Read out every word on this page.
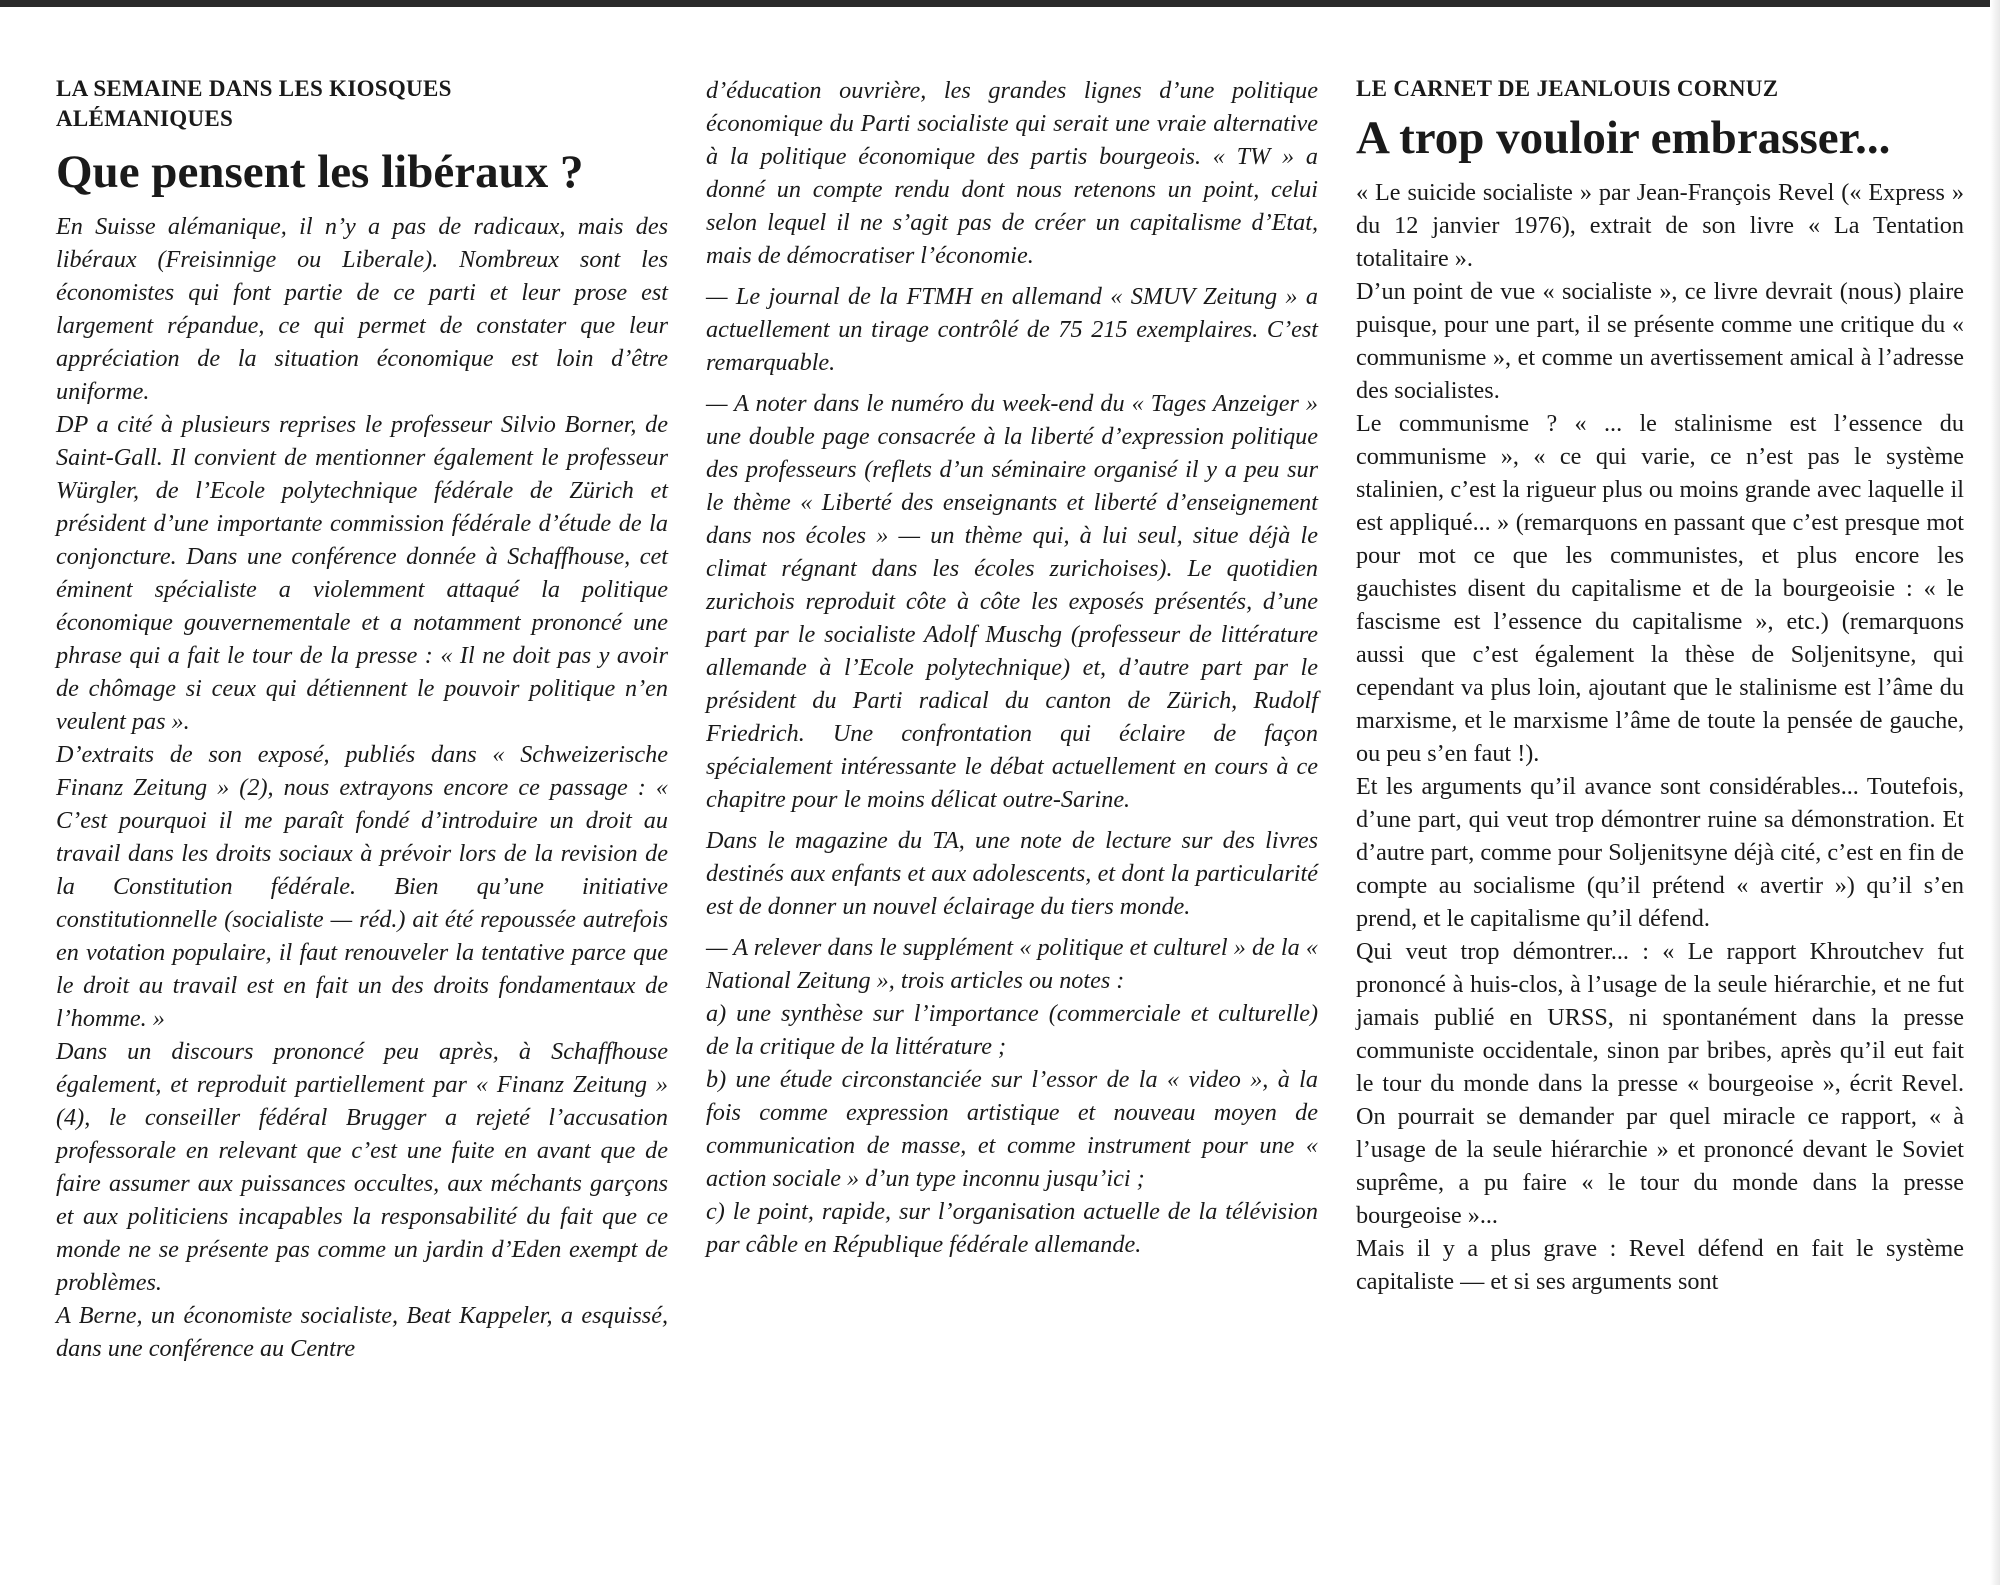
LA SEMAINE DANS LES KIOSQUES
ALÉMANIQUES

Que pensent les libéraux ?

En Suisse alémanique, il n’y a pas de radicaux, mais des libéraux (Freisinnige ou Liberale). Nombreux sont les économistes qui font partie de ce parti et leur prose est largement répandue, ce qui permet de constater que leur appréciation de la situation économique est loin d’être uniforme.

DP a cité à plusieurs reprises le professeur Silvio Borner, de Saint-Gall. Il convient de mentionner également le professeur Würgler, de l’Ecole polytechnique fédérale de Zürich et président d’une importante commission fédérale d’étude de la conjoncture. Dans une conférence donnée à Schaffhouse, cet éminent spécialiste a violemment attaqué la politique économique gouvernementale et a notamment prononcé une phrase qui a fait le tour de la presse : « Il ne doit pas y avoir de chômage si ceux qui détiennent le pouvoir politique n’en veulent pas ».

D’extraits de son exposé, publiés dans « Schweizerische Finanz Zeitung » (2), nous extrayons encore ce passage : « C’est pourquoi il me paraît fondé d’introduire un droit au travail dans les droits sociaux à prévoir lors de la revision de la Constitution fédérale. Bien qu’une initiative constitutionnelle (socialiste — réd.) ait été repoussée autrefois en votation populaire, il faut renouveler la tentative parce que le droit au travail est en fait un des droits fondamentaux de l’homme. »

Dans un discours prononcé peu après, à Schaffhouse également, et reproduit partiellement par « Finanz Zeitung » (4), le conseiller fédéral Brugger a rejeté l’accusation professorale en relevant que c’est une fuite en avant que de faire assumer aux puissances occultes, aux méchants garçons et aux politiciens incapables la responsabilité du fait que ce monde ne se présente pas comme un jardin d’Eden exempt de problèmes.

A Berne, un économiste socialiste, Beat Kappeler, a esquissé, dans une conférence au Centre

d’éducation ouvrière, les grandes lignes d’une politique économique du Parti socialiste qui serait une vraie alternative à la politique économique des partis bourgeois. « TW » a donné un compte rendu dont nous retenons un point, celui selon lequel il ne s’agit pas de créer un capitalisme d’Etat, mais de démocratiser l’économie.

— Le journal de la FTMH en allemand « SMUV Zeitung » a actuellement un tirage contrôlé de 75 215 exemplaires. C’est remarquable.

— A noter dans le numéro du week-end du « Tages Anzeiger » une double page consacrée à la liberté d’expression politique des professeurs (reflets d’un séminaire organisé il y a peu sur le thème « Liberté des enseignants et liberté d’enseignement dans nos écoles » — un thème qui, à lui seul, situe déjà le climat régnant dans les écoles zurichoises). Le quotidien zurichois reproduit côte à côte les exposés présentés, d’une part par le socialiste Adolf Muschg (professeur de littérature allemande à l’Ecole polytechnique) et, d’autre part par le président du Parti radical du canton de Zürich, Rudolf Friedrich. Une confrontation qui éclaire de façon spécialement intéressante le débat actuellement en cours à ce chapitre pour le moins délicat outre-Sarine.

Dans le magazine du TA, une note de lecture sur des livres destinés aux enfants et aux adolescents, et dont la particularité est de donner un nouvel éclairage du tiers monde.

— A relever dans le supplément « politique et culturel » de la « National Zeitung », trois articles ou notes :

a) une synthèse sur l’importance (commerciale et culturelle) de la critique de la littérature ;

b) une étude circonstanciée sur l’essor de la « video », à la fois comme expression artistique et nouveau moyen de communication de masse, et comme instrument pour une « action sociale » d’un type inconnu jusqu’ici ;

c) le point, rapide, sur l’organisation actuelle de la télévision par câble en République fédérale allemande.

LE CARNET DE JEANLOUIS CORNUZ

A trop vouloir embrasser...

« Le suicide socialiste » par Jean-François Revel (« Express » du 12 janvier 1976), extrait de son livre « La Tentation totalitaire ».

D’un point de vue « socialiste », ce livre devrait (nous) plaire puisque, pour une part, il se présente comme une critique du « communisme », et comme un avertissement amical à l’adresse des socialistes.

Le communisme ? « ... le stalinisme est l’essence du communisme », « ce qui varie, ce n’est pas le système stalinien, c’est la rigueur plus ou moins grande avec laquelle il est appliqué... » (remarquons en passant que c’est presque mot pour mot ce que les communistes, et plus encore les gauchistes disent du capitalisme et de la bourgeoisie : « le fascisme est l’essence du capitalisme », etc.) (remarquons aussi que c’est également la thèse de Soljenitsyne, qui cependant va plus loin, ajoutant que le stalinisme est l’âme du marxisme, et le marxisme l’âme de toute la pensée de gauche, ou peu s’en faut !).

Et les arguments qu’il avance sont considérables... Toutefois, d’une part, qui veut trop démontrer ruine sa démonstration. Et d’autre part, comme pour Soljenitsyne déjà cité, c’est en fin de compte au socialisme (qu’il prétend « avertir ») qu’il s’en prend, et le capitalisme qu’il défend.

Qui veut trop démontrer... : « Le rapport Khroutchev fut prononcé à huis-clos, à l’usage de la seule hiérarchie, et ne fut jamais publié en URSS, ni spontanément dans la presse communiste occidentale, sinon par bribes, après qu’il eut fait le tour du monde dans la presse « bourgeoise », écrit Revel. On pourrait se demander par quel miracle ce rapport, « à l’usage de la seule hiérarchie » et prononcé devant le Soviet suprême, a pu faire « le tour du monde dans la presse bourgeoise »...

Mais il y a plus grave : Revel défend en fait le système capitaliste — et si ses arguments sont
